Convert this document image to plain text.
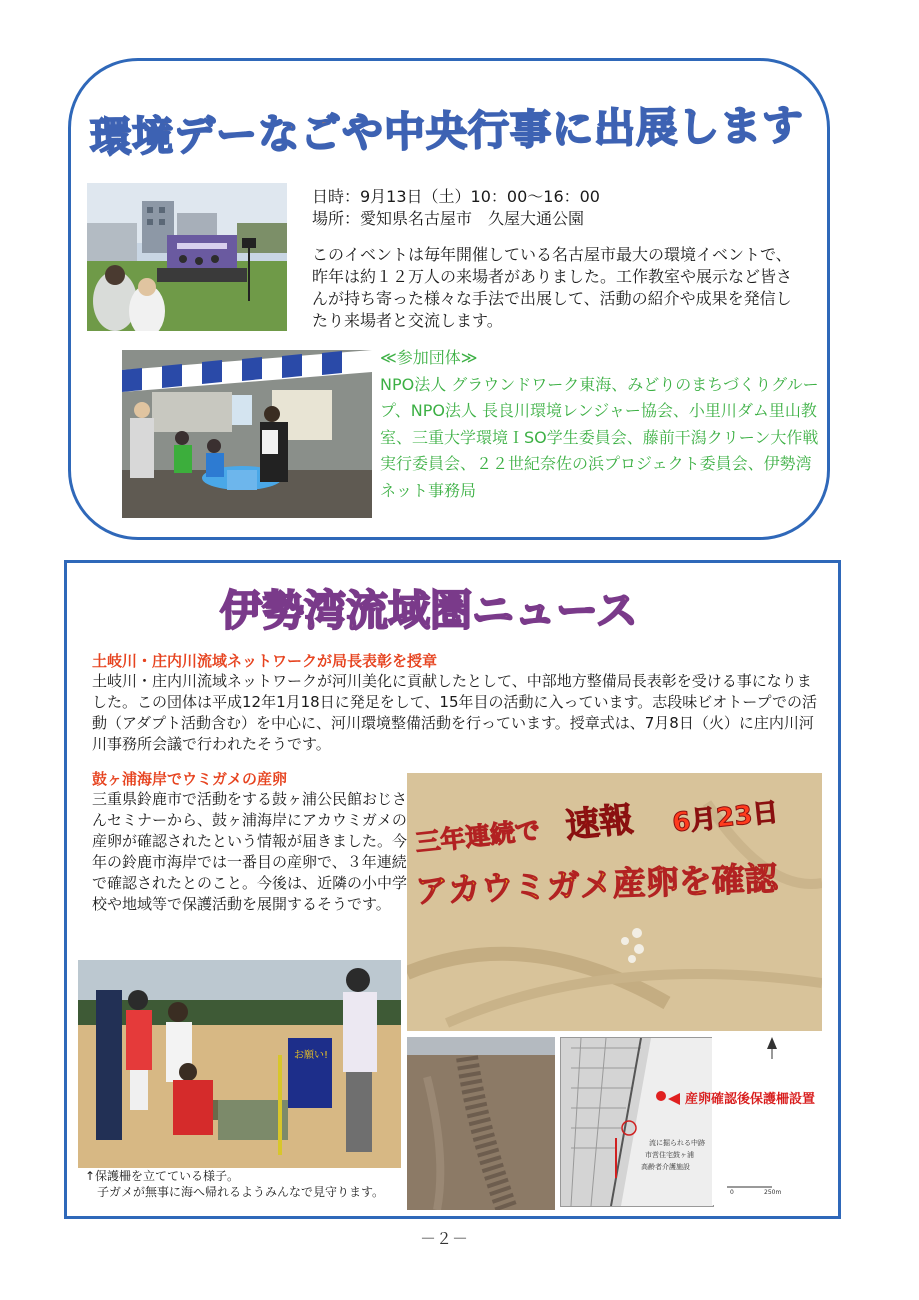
環境デーなごや中央行事に出展します
日時：9月13日（土）10：00～16：00
場所：愛知県名古屋市　久屋大通公園
このイベントは毎年開催している名古屋市最大の環境イベントで、昨年は約１２万人の来場者がありました。工作教室や展示など皆さんが持ち寄った様々な手法で出展して、活動の紹介や成果を発信したり来場者と交流します。
≪参加団体≫
NPO法人 グラウンドワーク東海、みどりのまちづくりグループ、NPO法人 長良川環境レンジャー協会、小里川ダム里山教室、三重大学環境ＩSO学生委員会、藤前干潟クリーン大作戦実行委員会、２２世紀奈佐の浜プロジェクト委員会、伊勢湾ネット事務局
伊勢湾流域圏ニュース
土岐川・庄内川流域ネットワークが局長表彰を授章
土岐川・庄内川流域ネットワークが河川美化に貢献したとして、中部地方整備局長表彰を受ける事になりました。この団体は平成12年1月18日に発足をして、15年目の活動に入っています。志段味ビオトープでの活動（アダプト活動含む）を中心に、河川環境整備活動を行っています。授章式は、7月8日（火）に庄内川河川事務所会議で行われたそうです。
鼓ヶ浦海岸でウミガメの産卵
三重県鈴鹿市で活動をする鼓ヶ浦公民館おじさんセミナーから、鼓ヶ浦海岸にアカウミガメの産卵が確認されたという情報が届きました。今年の鈴鹿市海岸では一番目の産卵で、３年連続で確認されたとのこと。今後は、近隣の小中学校や地域等で保護活動を展開するそうです。
三年連続で 速報 6月23日
アカウミガメ産卵を確認
お願い!
↑保護柵を立てている様子。
子ガメが無事に海へ帰れるようみんなで見守ります。
流に掘られる中跡
市営住宅鼓ヶ浦
高齢者介護施設
0	250m
産卵確認後保護柵設置
－２－
